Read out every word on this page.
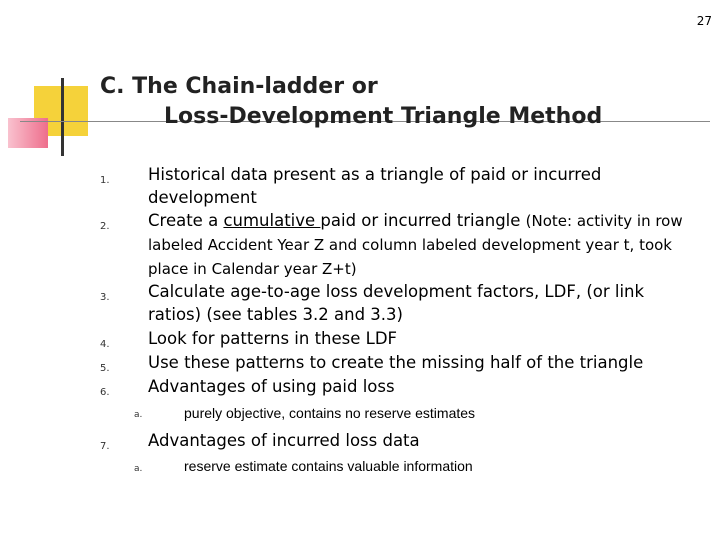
27
C. The Chain-ladder or
Loss-Development Triangle Method
1. Historical data present as a triangle of paid or incurred development
2. Create a cumulative paid or incurred triangle (Note: activity in row labeled Accident Year Z and column labeled development year t, took place in Calendar year Z+t)
3. Calculate age-to-age loss development factors, LDF, (or link ratios) (see tables 3.2 and 3.3)
4. Look for patterns in these LDF
5. Use these patterns to create the missing half of the triangle
6. Advantages of using paid loss
a.	purely objective, contains no reserve estimates
7. Advantages of incurred loss data
a.	reserve estimate contains valuable information
